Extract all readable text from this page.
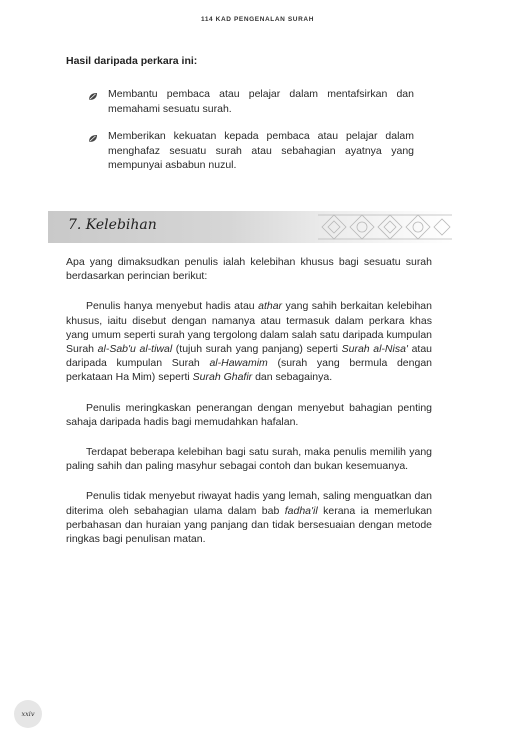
114 KAD PENGENALAN SURAH
Hasil daripada perkara ini:
Membantu pembaca atau pelajar dalam mentafsirkan dan memahami sesuatu surah.
Memberikan kekuatan kepada pembaca atau pelajar dalam menghafaz sesuatu surah atau sebahagian ayatnya yang mempunyai asbabun nuzul.
7. Kelebihan

Apa yang dimaksudkan penulis ialah kelebihan khusus bagi sesuatu surah berdasarkan perincian berikut:

Penulis hanya menyebut hadis atau athar yang sahih berkaitan kelebihan khusus, iaitu disebut dengan namanya atau termasuk dalam perkara khas yang umum seperti surah yang tergolong dalam salah satu daripada kumpulan Surah al-Sab'u al-tiwal (tujuh surah yang panjang) seperti Surah al-Nisa' atau daripada kumpulan Surah al-Hawamim (surah yang bermula dengan perkataan Ha Mim) seperti Surah Ghafir dan sebagainya.

Penulis meringkaskan penerangan dengan menyebut bahagian penting sahaja daripada hadis bagi memudahkan hafalan.

Terdapat beberapa kelebihan bagi satu surah, maka penulis memilih yang paling sahih dan paling masyhur sebagai contoh dan bukan kesemuanya.

Penulis tidak menyebut riwayat hadis yang lemah, saling menguatkan dan diterima oleh sebahagian ulama dalam bab fadha'il kerana ia memerlukan perbahasan dan huraian yang panjang dan tidak bersesuaian dengan metode ringkas bagi penulisan matan.

xxiv
